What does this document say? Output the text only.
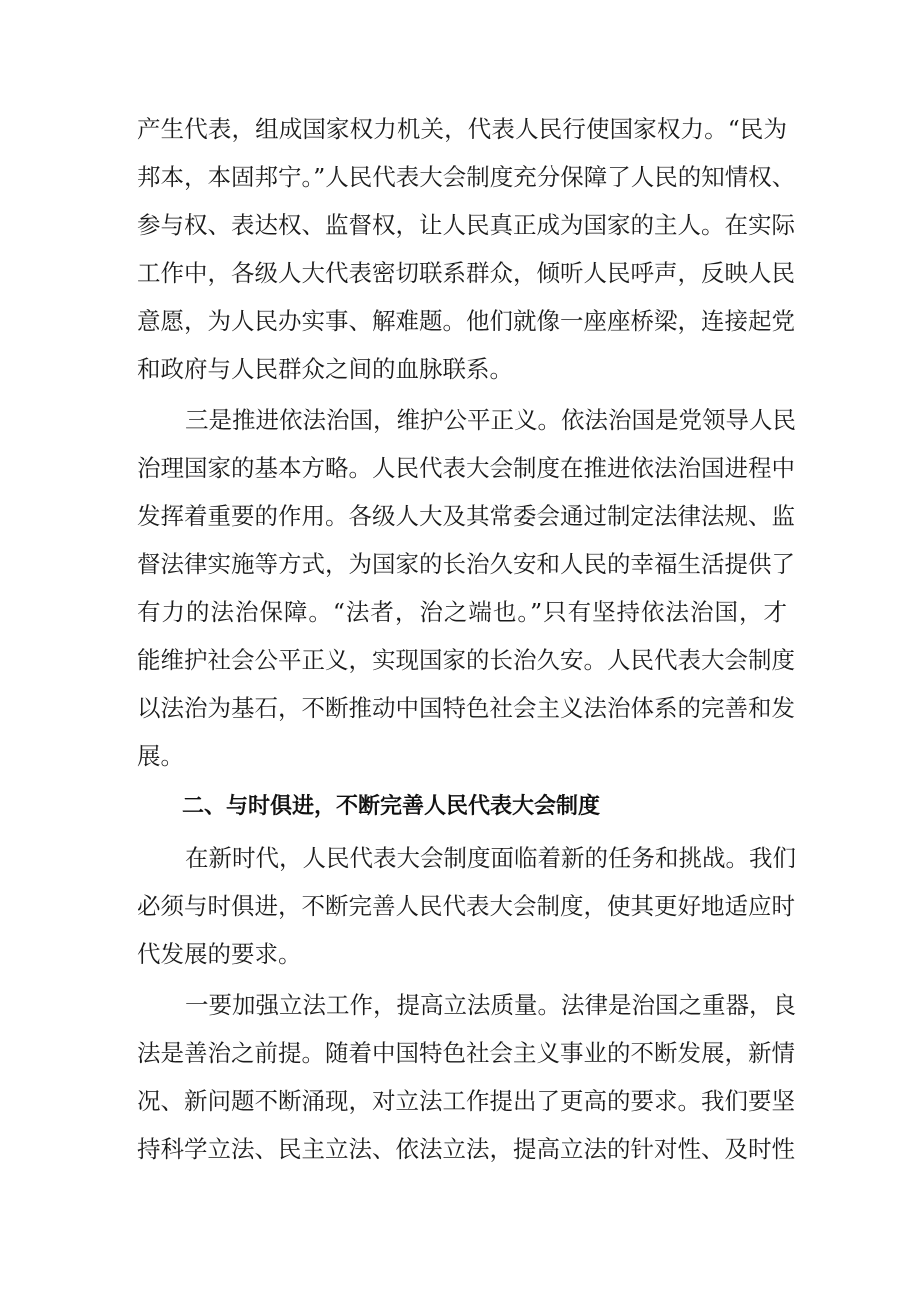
产生代表，组成国家权力机关，代表人民行使国家权力。“民为
邦本，本固邦宁。”人民代表大会制度充分保障了人民的知情权、
参与权、表达权、监督权，让人民真正成为国家的主人。在实际
工作中，各级人大代表密切联系群众，倾听人民呼声，反映人民
意愿，为人民办实事、解难题。他们就像一座座桥梁，连接起党
和政府与人民群众之间的血脉联系。
三是推进依法治国，维护公平正义。依法治国是党领导人民
治理国家的基本方略。人民代表大会制度在推进依法治国进程中
发挥着重要的作用。各级人大及其常委会通过制定法律法规、监
督法律实施等方式，为国家的长治久安和人民的幸福生活提供了
有力的法治保障。“法者，治之端也。”只有坚持依法治国，才
能维护社会公平正义，实现国家的长治久安。人民代表大会制度
以法治为基石，不断推动中国特色社会主义法治体系的完善和发
展。
二、与时俱进，不断完善人民代表大会制度
在新时代，人民代表大会制度面临着新的任务和挑战。我们
必须与时俱进，不断完善人民代表大会制度，使其更好地适应时
代发展的要求。
一要加强立法工作，提高立法质量。法律是治国之重器，良
法是善治之前提。随着中国特色社会主义事业的不断发展，新情
况、新问题不断涌现，对立法工作提出了更高的要求。我们要坚
持科学立法、民主立法、依法立法，提高立法的针对性、及时性
